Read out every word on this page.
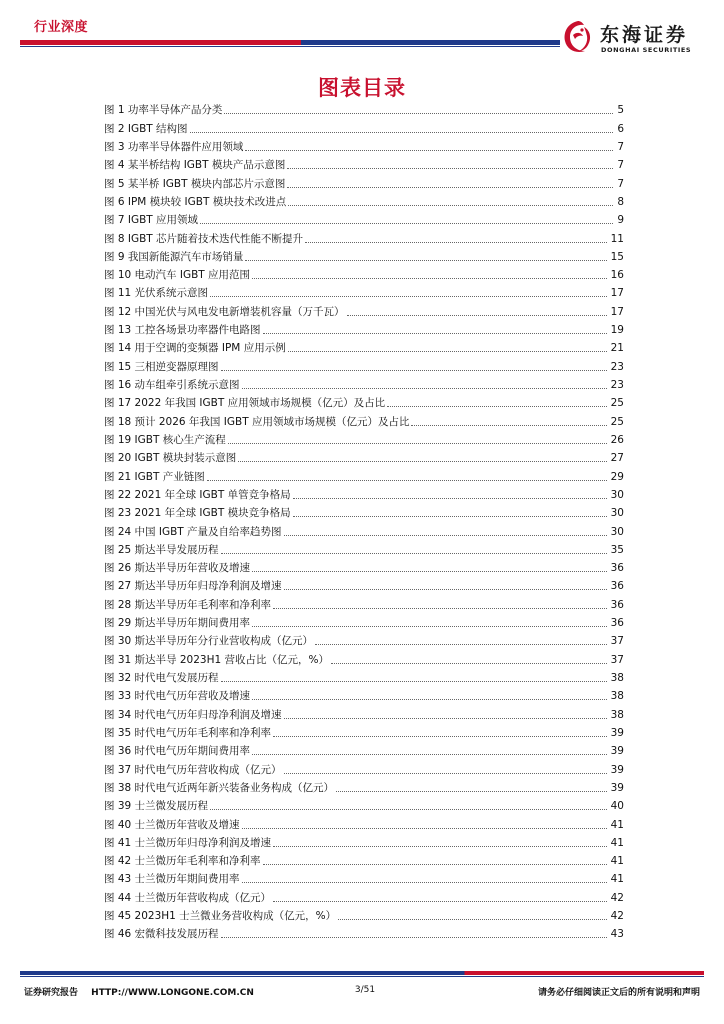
行业深度	东海证券
DONGHAI SECURITIES
图表目录
图 1 功率半导体产品分类	5
图 2 IGBT 结构图	6
图 3 功率半导体器件应用领域	7
图 4 某半桥结构 IGBT 模块产品示意图	7
图 5 某半桥 IGBT 模块内部芯片示意图	7
图 6 IPM 模块较 IGBT 模块技术改进点	8
图 7 IGBT 应用领域	9
图 8 IGBT 芯片随着技术迭代性能不断提升	11
图 9 我国新能源汽车市场销量	15
图 10 电动汽车 IGBT 应用范围	16
图 11 光伏系统示意图	17
图 12 中国光伏与风电发电新增装机容量（万千瓦）	17
图 13 工控各场景功率器件电路图	19
图 14 用于空调的变频器 IPM 应用示例	21
图 15 三相逆变器原理图	23
图 16 动车组牵引系统示意图	23
图 17 2022 年我国 IGBT 应用领域市场规模（亿元）及占比	25
图 18 预计 2026 年我国 IGBT 应用领域市场规模（亿元）及占比	25
图 19 IGBT 核心生产流程	26
图 20 IGBT 模块封装示意图	27
图 21 IGBT 产业链图	29
图 22 2021 年全球 IGBT 单管竞争格局	30
图 23 2021 年全球 IGBT 模块竞争格局	30
图 24 中国 IGBT 产量及自给率趋势图	30
图 25 斯达半导发展历程	35
图 26 斯达半导历年营收及增速	36
图 27 斯达半导历年归母净利润及增速	36
图 28 斯达半导历年毛利率和净利率	36
图 29 斯达半导历年期间费用率	36
图 30 斯达半导历年分行业营收构成（亿元）	37
图 31 斯达半导 2023H1 营收占比（亿元，%）	37
图 32 时代电气发展历程	38
图 33 时代电气历年营收及增速	38
图 34 时代电气历年归母净利润及增速	38
图 35 时代电气历年毛利率和净利率	39
图 36 时代电气历年期间费用率	39
图 37 时代电气历年营收构成（亿元）	39
图 38 时代电气近两年新兴装备业务构成（亿元）	39
图 39 士兰微发展历程	40
图 40 士兰微历年营收及增速	41
图 41 士兰微历年归母净利润及增速	41
图 42 士兰微历年毛利率和净利率	41
图 43 士兰微历年期间费用率	41
图 44 士兰微历年营收构成（亿元）	42
图 45 2023H1 士兰微业务营收构成（亿元，%）	42
图 46 宏微科技发展历程	43
证券研究报告 HTTP://WWW.LONGONE.COM.CN	3/51	请务必仔细阅读正文后的所有说明和声明
